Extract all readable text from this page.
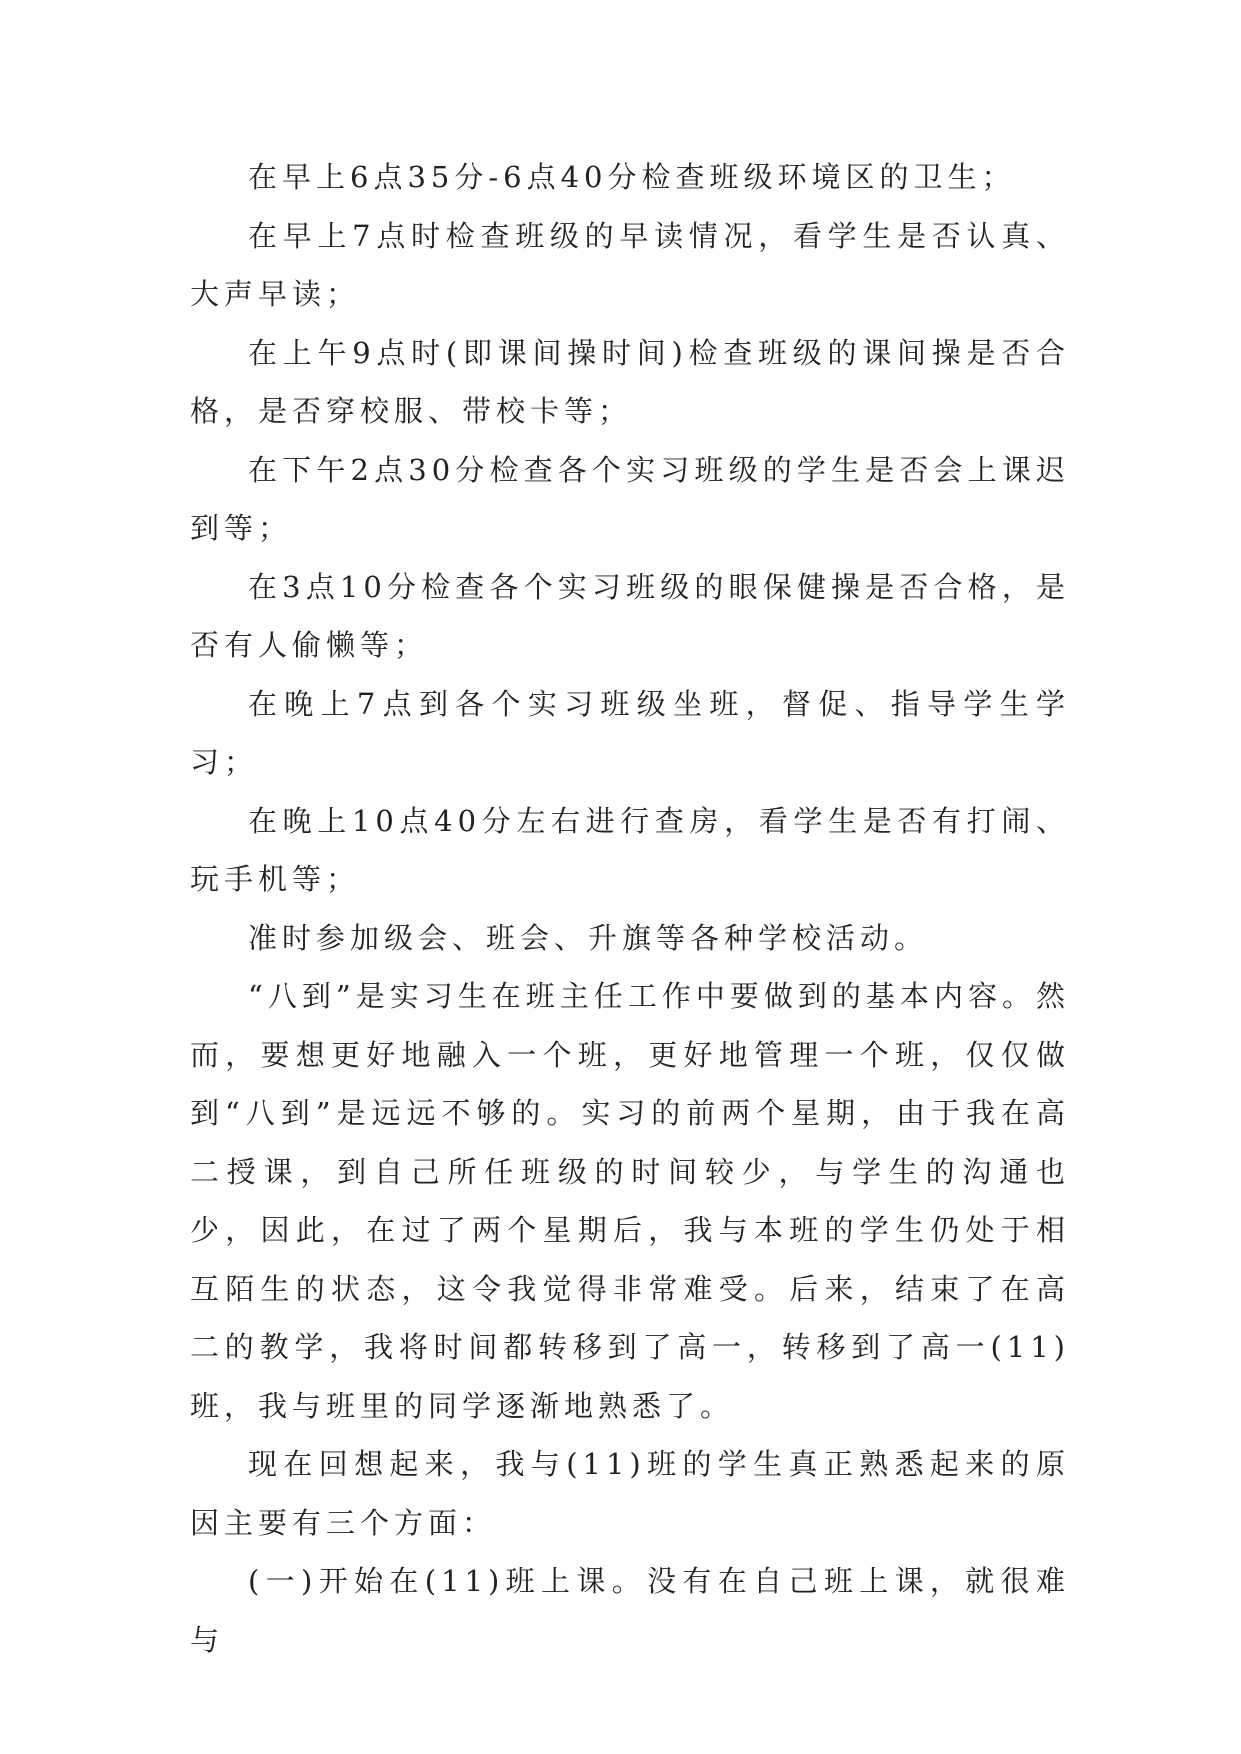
在早上6点35分-6点40分检查班级环境区的卫生；

在早上7点时检查班级的早读情况，看学生是否认真、大声早读；

在上午9点时(即课间操时间)检查班级的课间操是否合格，是否穿校服、带校卡等；

在下午2点30分检查各个实习班级的学生是否会上课迟到等；

在3点10分检查各个实习班级的眼保健操是否合格，是否有人偷懒等；

在晚上7点到各个实习班级坐班，督促、指导学生学习；

在晚上10点40分左右进行查房，看学生是否有打闹、玩手机等；

准时参加级会、班会、升旗等各种学校活动。

“八到”是实习生在班主任工作中要做到的基本内容。然而，要想更好地融入一个班，更好地管理一个班，仅仅做到“八到”是远远不够的。实习的前两个星期，由于我在高二授课，到自己所任班级的时间较少，与学生的沟通也少，因此，在过了两个星期后，我与本班的学生仍处于相互陌生的状态，这令我觉得非常难受。后来，结束了在高二的教学，我将时间都转移到了高一，转移到了高一(11)班，我与班里的同学逐渐地熟悉了。

现在回想起来，我与(11)班的学生真正熟悉起来的原因主要有三个方面：

(一)开始在(11)班上课。没有在自己班上课，就很难与
